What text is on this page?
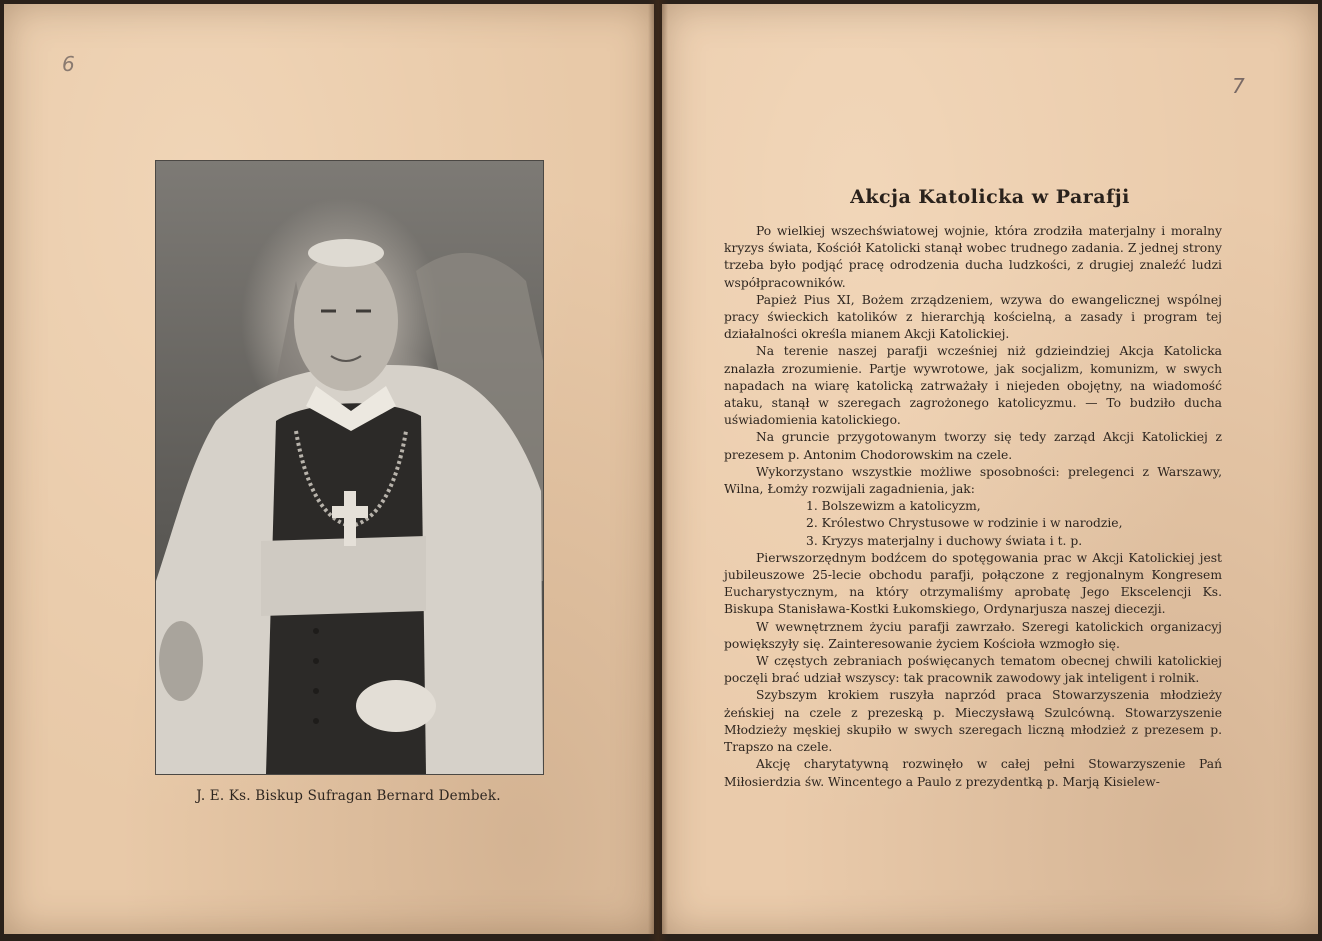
6
7
J. E. Ks. Biskup Sufragan Bernard Dembek.
Akcja Katolicka w Parafji

Po wielkiej wszechświatowej wojnie, która zrodziła materjalny i moralny kryzys świata, Kościół Katolicki stanął wobec trudnego zadania. Z jednej strony trzeba było podjąć pracę odrodzenia ducha ludzkości, z drugiej znaleźć ludzi współpracowników.

Papież Pius XI, Bożem zrządzeniem, wzywa do ewangelicznej wspólnej pracy świeckich katolików z hierarchją kościelną, a zasady i program tej działalności określa mianem Akcji Katolickiej.

Na terenie naszej parafji wcześniej niż gdzieindziej Akcja Katolicka znalazła zrozumienie. Partje wywrotowe, jak socjalizm, komunizm, w swych napadach na wiarę katolicką zatrważały i niejeden obojętny, na wiadomość ataku, stanął w szeregach zagrożonego katolicyzmu. — To budziło ducha uświadomienia katolickiego.

Na gruncie przygotowanym tworzy się tedy zarząd Akcji Katolickiej z prezesem p. Antonim Chodorowskim na czele.

Wykorzystano wszystkie możliwe sposobności: prelegenci z Warszawy, Wilna, Łomży rozwijali zagadnienia, jak:

1. Bolszewizm a katolicyzm,
2. Królestwo Chrystusowe w rodzinie i w narodzie,
3. Kryzys materjalny i duchowy świata i t. p.

Pierwszorzędnym bodźcem do spotęgowania prac w Akcji Katolickiej jest jubileuszowe 25-lecie obchodu parafji, połączone z regjonalnym Kongresem Eucharystycznym, na który otrzymaliśmy aprobatę Jego Ekscelencji Ks. Biskupa Stanisława-Kostki Łukomskiego, Ordynarjusza naszej diecezji.

W wewnętrznem życiu parafji zawrzało. Szeregi katolickich organizacyj powiększyły się. Zainteresowanie życiem Kościoła wzmogło się.

W częstych zebraniach poświęcanych tematom obecnej chwili katolickiej poczęli brać udział wszyscy: tak pracownik zawodowy jak inteligent i rolnik.

Szybszym krokiem ruszyła naprzód praca Stowarzyszenia młodzieży żeńskiej na czele z prezeską p. Mieczysławą Szulcówną. Stowarzyszenie Młodzieży męskiej skupiło w swych szeregach liczną młodzież z prezesem p. Trapszo na czele.

Akcję charytatywną rozwinęło w całej pełni Stowarzyszenie Pań Miłosierdzia św. Wincentego a Paulo z prezydentką p. Marją Kisielew-
